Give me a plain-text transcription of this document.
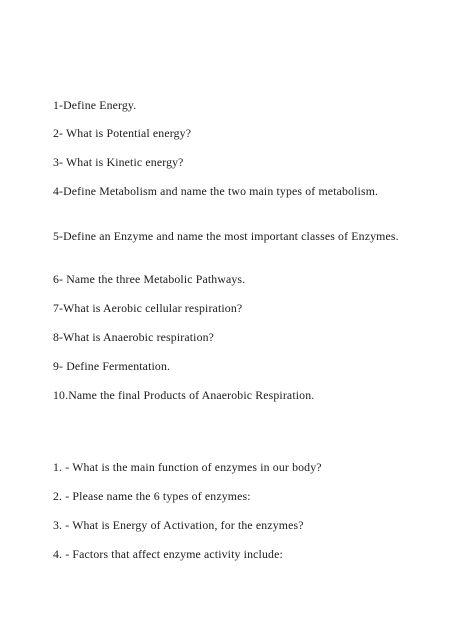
1-Define Energy.

2- What is Potential energy?

3- What is Kinetic energy?

4-Define Metabolism and name the two main types of metabolism.

5-Define an Enzyme and name the most important classes of Enzymes.

6- Name the three Metabolic Pathways.

7-What is Aerobic cellular respiration?

8-What is Anaerobic respiration?

9- Define Fermentation.

10.Name the final Products of Anaerobic Respiration.

1. - What is the main function of enzymes in our body?

2. - Please name the 6 types of enzymes:

3. - What is Energy of Activation, for the enzymes?

4. - Factors that affect enzyme activity include:
